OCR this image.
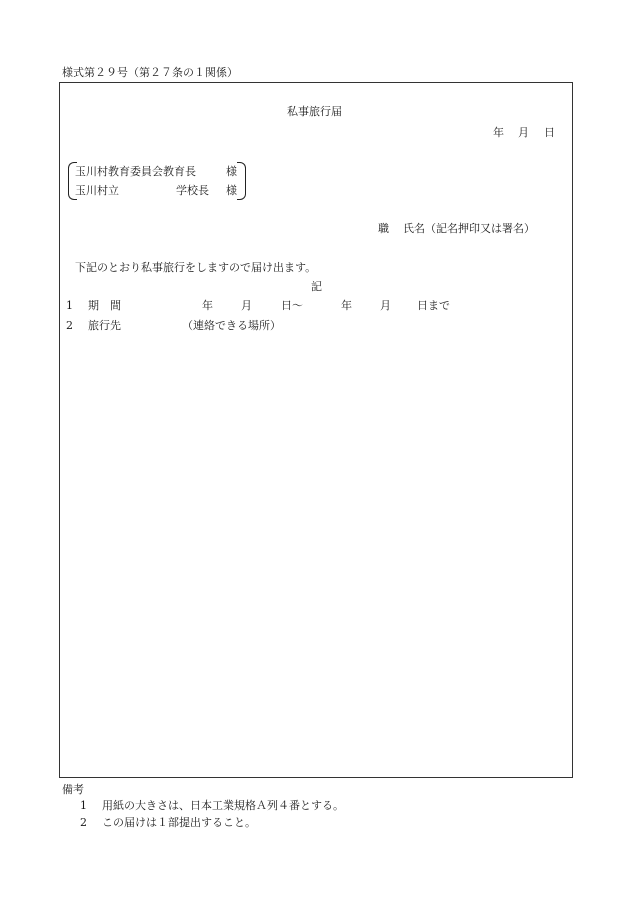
様式第２９号（第２７条の１関係）
私事旅行届
年 月 日
玉川村教育委員会教育長	様
玉川村立	学校長 様
職 氏名（記名押印又は署名）
下記のとおり私事旅行をしますので届け出ます。
記
1 期　間	年	月	日～	年	月 日まで
2 旅行先	（連絡できる場所）
備考
1 用紙の大きさは、日本工業規格Ａ列４番とする。
2 この届けは１部提出すること。
